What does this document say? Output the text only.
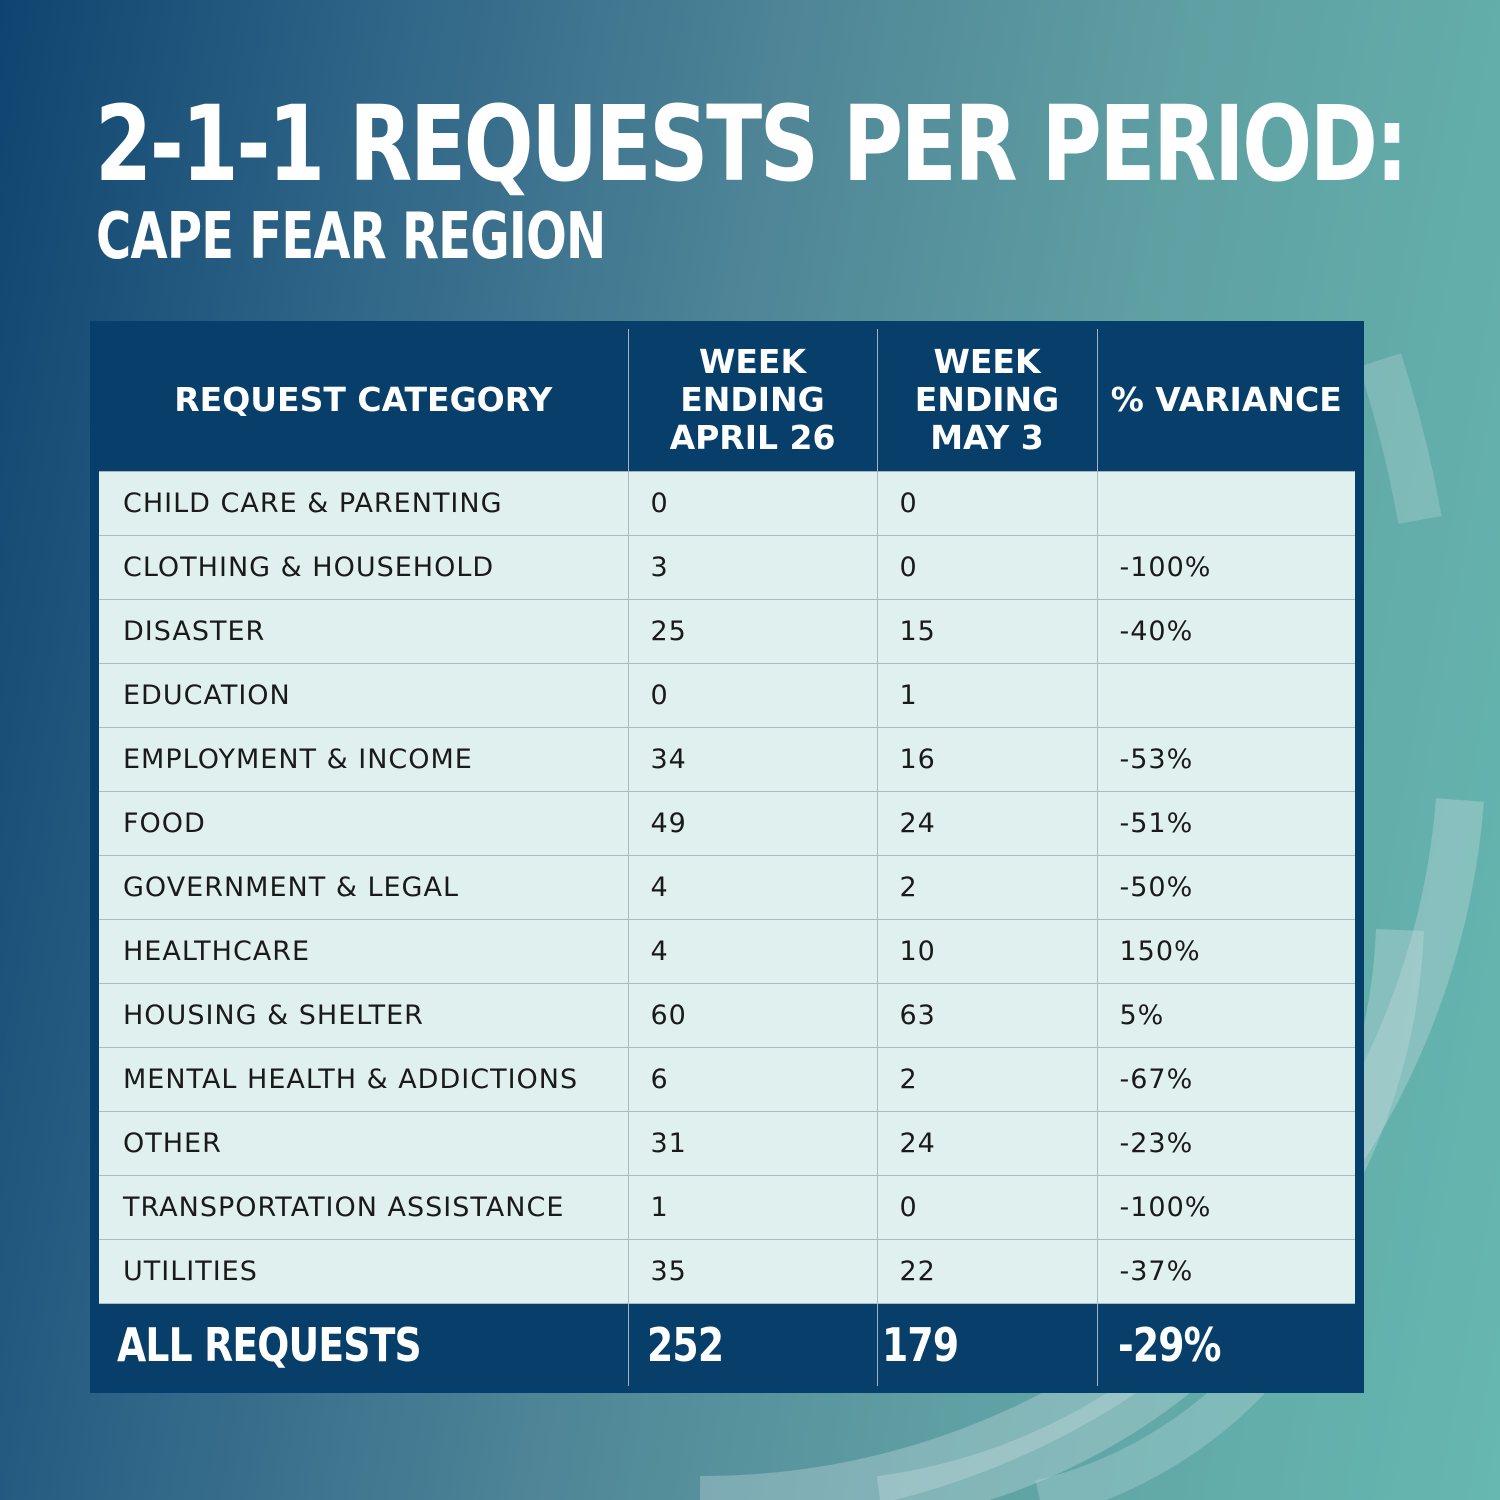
2-1-1 REQUESTS PER PERIOD:
CAPE FEAR REGION
REQUEST CATEGORY	WEEK ENDING APRIL 26	WEEK ENDING MAY 3	% VARIANCE
CHILD CARE & PARENTING	0	0	
CLOTHING & HOUSEHOLD	3	0	-100%
DISASTER	25	15	-40%
EDUCATION	0	1	
EMPLOYMENT & INCOME	34	16	-53%
FOOD	49	24	-51%
GOVERNMENT & LEGAL	4	2	-50%
HEALTHCARE	4	10	150%
HOUSING & SHELTER	60	63	5%
MENTAL HEALTH & ADDICTIONS	6	2	-67%
OTHER	31	24	-23%
TRANSPORTATION ASSISTANCE	1	0	-100%
UTILITIES	35	22	-37%
ALL REQUESTS	252	179	-29%
